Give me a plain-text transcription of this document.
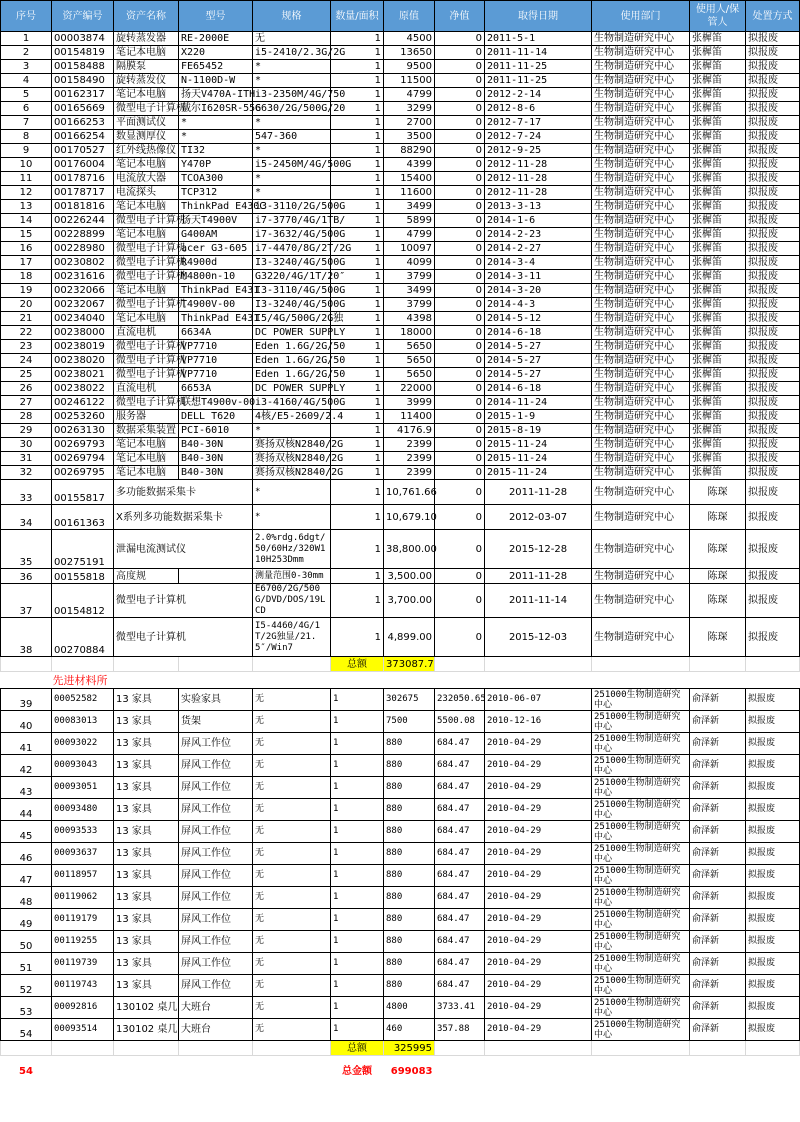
序号	资产编号	资产名称	型号	规格	数量/面积	原值	净值	取得日期	使用部门	使用人/保管人	处置方式
1	00003874	旋转蒸发器	RE-2000E	无	1	4500	0	2011-5-1	生物制造研究中心	张樨笛	拟报废
2	00154819	笔记本电脑	X220	i5-2410/2.3G/2G	1	13650	0	2011-11-14	生物制造研究中心	张樨笛	拟报废
3	00158488	隔膜泵	FE65452	*	1	9500	0	2011-11-25	生物制造研究中心	张樨笛	拟报废
4	00158490	旋转蒸发仪	N-1100D-W	*	1	11500	0	2011-11-25	生物制造研究中心	张樨笛	拟报废
5	00162317	笔记本电脑	扬天V470A-ITH	i3-2350M/4G/750	1	4799	0	2012-2-14	生物制造研究中心	张樨笛	拟报废
6	00165669	微型电子计算机	戴尔I620SR-556	G630/2G/500G/20	1	3299	0	2012-8-6	生物制造研究中心	张樨笛	拟报废
7	00166253	平面测试仪	*	*	1	2700	0	2012-7-17	生物制造研究中心	张樨笛	拟报废
8	00166254	数显测厚仪	*	547-360	1	3500	0	2012-7-24	生物制造研究中心	张樨笛	拟报废
9	00170527	红外线热像仪	TI32	*	1	88290	0	2012-9-25	生物制造研究中心	张樨笛	拟报废
10	00176004	笔记本电脑	Y470P	i5-2450M/4G/500G	1	4399	0	2012-11-28	生物制造研究中心	张樨笛	拟报废
11	00178716	电流放大器	TCOA300	*	1	15400	0	2012-11-28	生物制造研究中心	张樨笛	拟报废
12	00178717	电流探头	TCP312	*	1	11600	0	2012-11-28	生物制造研究中心	张樨笛	拟报废
13	00181816	笔记本电脑	ThinkPad E430C	i3-3110/2G/500G	1	3499	0	2013-3-13	生物制造研究中心	张樨笛	拟报废
14	00226244	微型电子计算机	扬天T4900V	i7-3770/4G/1TB/	1	5899	0	2014-1-6	生物制造研究中心	张樨笛	拟报废
15	00228899	笔记本电脑	G400AM	i7-3632/4G/500G	1	4799	0	2014-2-23	生物制造研究中心	张樨笛	拟报废
16	00228980	微型电子计算机	acer G3-605	i7-4470/8G/2T/2G	1	10097	0	2014-2-27	生物制造研究中心	张樨笛	拟报废
17	00230802	微型电子计算机	R4900d	I3-3240/4G/500G	1	4099	0	2014-3-4	生物制造研究中心	张樨笛	拟报废
18	00231616	微型电子计算机	M4800n-10	G3220/4G/1T/20″	1	3799	0	2014-3-11	生物制造研究中心	张樨笛	拟报废
19	00232066	笔记本电脑	ThinkPad E431	I3-3110/4G/500G	1	3499	0	2014-3-20	生物制造研究中心	张樨笛	拟报废
20	00232067	微型电子计算机	T4900V-00	I3-3240/4G/500G	1	3799	0	2014-4-3	生物制造研究中心	张樨笛	拟报废
21	00234040	笔记本电脑	ThinkPad E431	I5/4G/500G/2G独	1	4398	0	2014-5-12	生物制造研究中心	张樨笛	拟报废
22	00238000	直流电机	6634A	DC POWER SUPPLY	1	18000	0	2014-6-18	生物制造研究中心	张樨笛	拟报废
23	00238019	微型电子计算机	VP7710	Eden 1.6G/2G/50	1	5650	0	2014-5-27	生物制造研究中心	张樨笛	拟报废
24	00238020	微型电子计算机	VP7710	Eden 1.6G/2G/50	1	5650	0	2014-5-27	生物制造研究中心	张樨笛	拟报废
25	00238021	微型电子计算机	VP7710	Eden 1.6G/2G/50	1	5650	0	2014-5-27	生物制造研究中心	张樨笛	拟报废
26	00238022	直流电机	6653A	DC POWER SUPPLY	1	22000	0	2014-6-18	生物制造研究中心	张樨笛	拟报废
27	00246122	微型电子计算机	联想T4900v-00	i3-4160/4G/500G	1	3999	0	2014-11-24	生物制造研究中心	张樨笛	拟报废
28	00253260	服务器	DELL T620	4核/E5-2609/2.4	1	11400	0	2015-1-9	生物制造研究中心	张樨笛	拟报废
29	00263130	数据采集装置	PCI-6010	*	1	4176.9	0	2015-8-19	生物制造研究中心	张樨笛	拟报废
30	00269793	笔记本电脑	B40-30N	赛扬双核N2840/2G	1	2399	0	2015-11-24	生物制造研究中心	张樨笛	拟报废
31	00269794	笔记本电脑	B40-30N	赛扬双核N2840/2G	1	2399	0	2015-11-24	生物制造研究中心	张樨笛	拟报废
32	00269795	笔记本电脑	B40-30N	赛扬双核N2840/2G	1	2399	0	2015-11-24	生物制造研究中心	张樨笛	拟报废
33	00155817	多功能数据采集卡		*	1	10,761.66	0	2011-11-28	生物制造研究中心	陈琛	拟报废
34	00161363	X系列多功能数据采集卡		*	1	10,679.10	0	2012-03-07	生物制造研究中心	陈琛	拟报废
35	00275191	泄漏电流测试仪		2.0%rdg.6dgt/50/60Hz/320W110H253Dmm	1	38,800.00	0	2015-12-28	生物制造研究中心	陈琛	拟报废
36	00155818	高度规		测量范围0-30mm	1	3,500.00	0	2011-11-28	生物制造研究中心	陈琛	拟报废
37	00154812	微型电子计算机		E6700/2G/500G/DVD/DOS/19LCD	1	3,700.00	0	2011-11-14	生物制造研究中心	陈琛	拟报废
38	00270884	微型电子计算机		I5-4460/4G/1T/2G独显/21.5″/Win7	1	4,899.00	0	2015-12-03	生物制造研究中心	陈琛	拟报废
					总额	373087.7					
先进材料所											
39	00052582	13 家具	实验家具	无	1	302675	232050.65	2010-06-07	251000生物制造研究中心	俞泽新	拟报废
40	00083013	13 家具	货架	无	1	7500	5500.08	2010-12-16	251000生物制造研究中心	俞泽新	拟报废
41	00093022	13 家具	屏风工作位	无	1	880	684.47	2010-04-29	251000生物制造研究中心	俞泽新	拟报废
42	00093043	13 家具	屏风工作位	无	1	880	684.47	2010-04-29	251000生物制造研究中心	俞泽新	拟报废
43	00093051	13 家具	屏风工作位	无	1	880	684.47	2010-04-29	251000生物制造研究中心	俞泽新	拟报废
44	00093480	13 家具	屏风工作位	无	1	880	684.47	2010-04-29	251000生物制造研究中心	俞泽新	拟报废
45	00093533	13 家具	屏风工作位	无	1	880	684.47	2010-04-29	251000生物制造研究中心	俞泽新	拟报废
46	00093637	13 家具	屏风工作位	无	1	880	684.47	2010-04-29	251000生物制造研究中心	俞泽新	拟报废
47	00118957	13 家具	屏风工作位	无	1	880	684.47	2010-04-29	251000生物制造研究中心	俞泽新	拟报废
48	00119062	13 家具	屏风工作位	无	1	880	684.47	2010-04-29	251000生物制造研究中心	俞泽新	拟报废
49	00119179	13 家具	屏风工作位	无	1	880	684.47	2010-04-29	251000生物制造研究中心	俞泽新	拟报废
50	00119255	13 家具	屏风工作位	无	1	880	684.47	2010-04-29	251000生物制造研究中心	俞泽新	拟报废
51	00119739	13 家具	屏风工作位	无	1	880	684.47	2010-04-29	251000生物制造研究中心	俞泽新	拟报废
52	00119743	13 家具	屏风工作位	无	1	880	684.47	2010-04-29	251000生物制造研究中心	俞泽新	拟报废
53	00092816	130102 桌几	大班台	无	1	4800	3733.41	2010-04-29	251000生物制造研究中心	俞泽新	拟报废
54	00093514	130102 桌几	大班台	无	1	460	357.88	2010-04-29	251000生物制造研究中心	俞泽新	拟报废
					总额	325995					

54					总金额	699083					
